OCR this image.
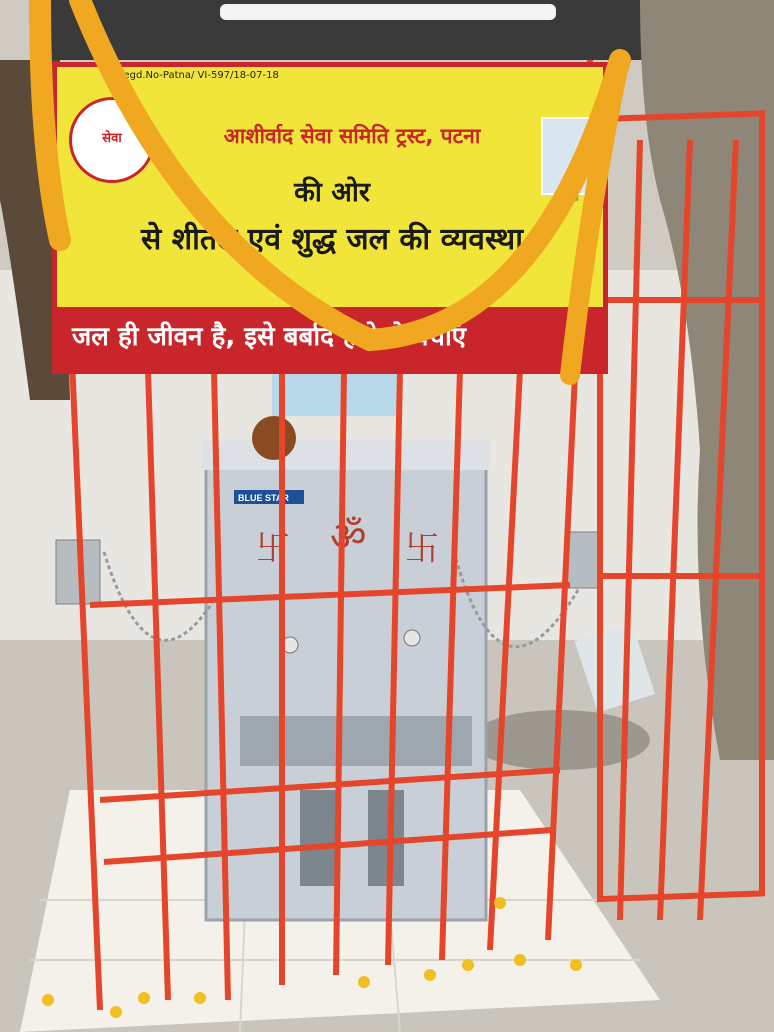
BLUE STAR
卐 ॐ 卐
Regd.No-Patna/ VI-597/18-07-18
सेवा	आशीर्वाद सेवा समिति ट्रस्ट, पटना
की ओर
से शीतल एवं शुद्ध जल की व्यवस्था
संस्थापक
जल ही जीवन है, इसे बर्बाद होने से बचाएं
